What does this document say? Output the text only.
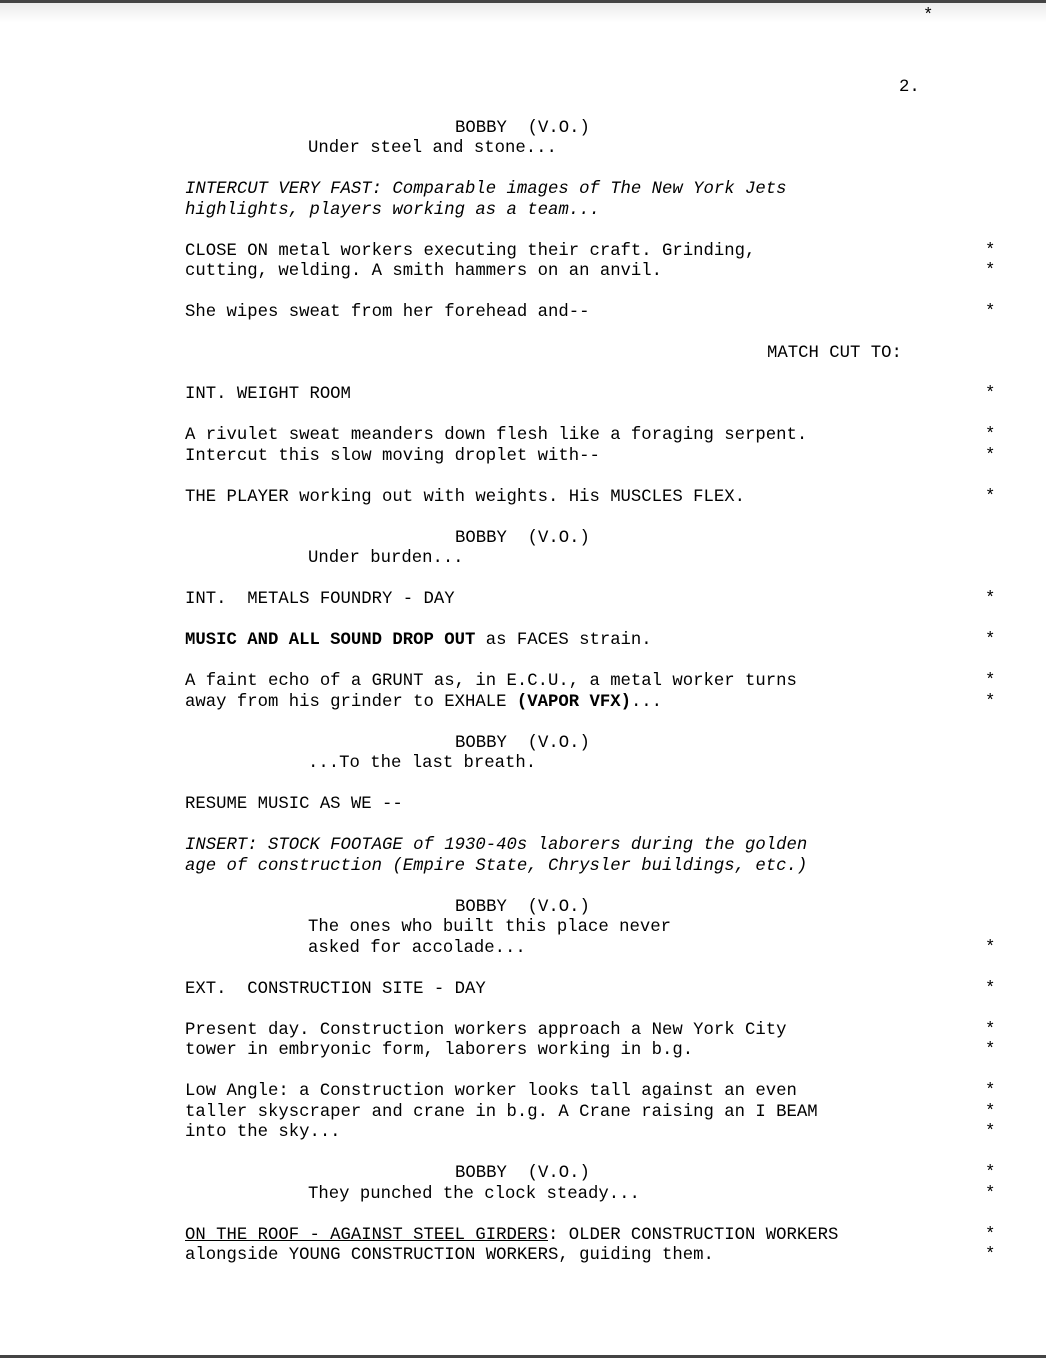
*
2.
BOBBY  (V.O.)
Under steel and stone...
INTERCUT VERY FAST: Comparable images of The New York Jets
highlights, players working as a team...
CLOSE ON metal workers executing their craft. Grinding,	*
cutting, welding. A smith hammers on an anvil.	*
She wipes sweat from her forehead and--	*
MATCH CUT TO:
INT. WEIGHT ROOM	*
A rivulet sweat meanders down flesh like a foraging serpent.	*
Intercut this slow moving droplet with--	*
THE PLAYER working out with weights. His MUSCLES FLEX.	*
BOBBY  (V.O.)
Under burden...
INT.  METALS FOUNDRY - DAY	*
MUSIC AND ALL SOUND DROP OUT as FACES strain.	*
A faint echo of a GRUNT as, in E.C.U., a metal worker turns	*
away from his grinder to EXHALE (VAPOR VFX)...	*
BOBBY  (V.O.)
...To the last breath.
RESUME MUSIC AS WE --
INSERT: STOCK FOOTAGE of 1930-40s laborers during the golden
age of construction (Empire State, Chrysler buildings, etc.)
BOBBY  (V.O.)
The ones who built this place never
asked for accolade...	*
EXT.  CONSTRUCTION SITE - DAY	*
Present day. Construction workers approach a New York City	*
tower in embryonic form, laborers working in b.g.	*
Low Angle: a Construction worker looks tall against an even	*
taller skyscraper and crane in b.g. A Crane raising an I BEAM	*
into the sky...	*
BOBBY  (V.O.)	*
They punched the clock steady...	*
ON THE ROOF - AGAINST STEEL GIRDERS: OLDER CONSTRUCTION WORKERS	*
alongside YOUNG CONSTRUCTION WORKERS, guiding them.	*
